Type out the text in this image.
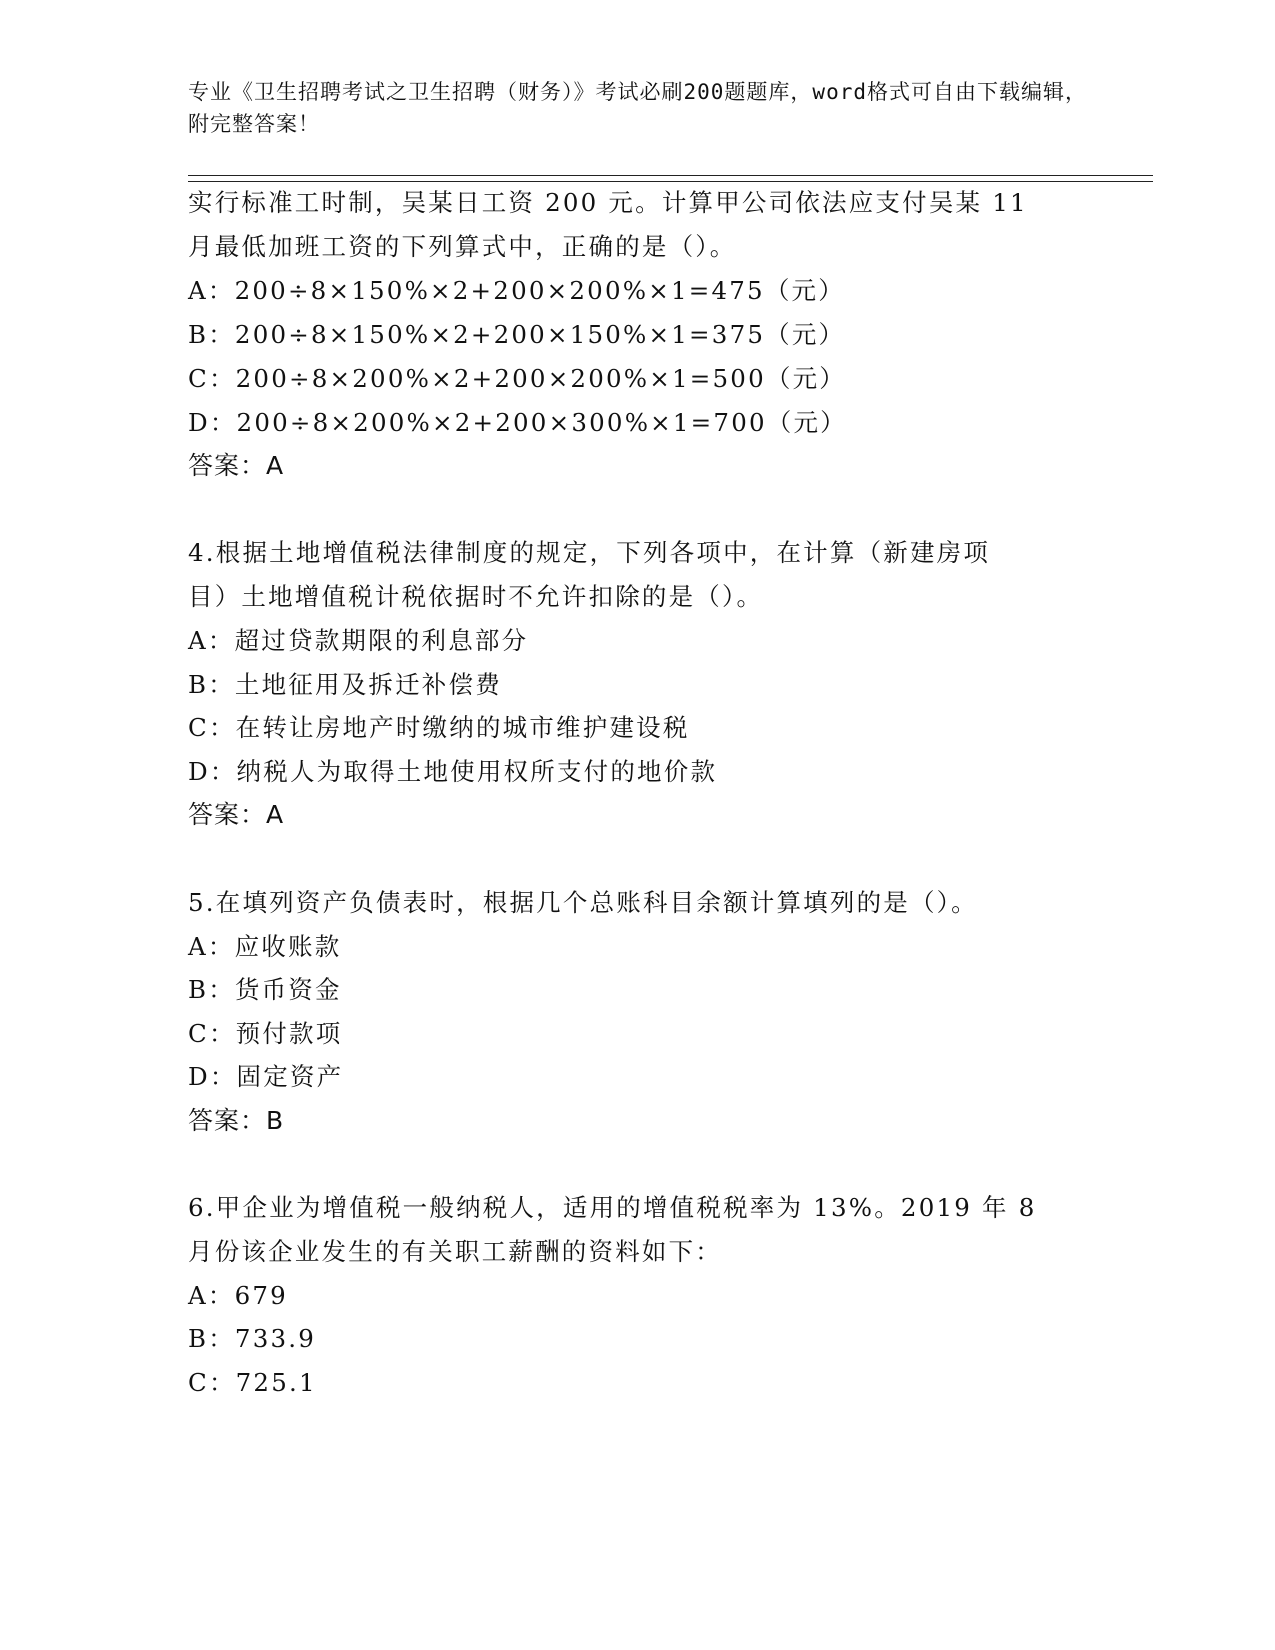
专业《卫生招聘考试之卫生招聘（财务）》考试必刷200题题库，word格式可自由下载编辑，附完整答案！
实行标准工时制，吴某日工资 200 元。计算甲公司依法应支付吴某 11
月最低加班工资的下列算式中，正确的是（）。
A：200÷8×150%×2+200×200%×1=475（元）
B：200÷8×150%×2+200×150%×1=375（元）
C：200÷8×200%×2+200×200%×1=500（元）
D：200÷8×200%×2+200×300%×1=700（元）
答案：A
4.根据土地增值税法律制度的规定，下列各项中，在计算（新建房项
目）土地增值税计税依据时不允许扣除的是（）。
A：超过贷款期限的利息部分
B：土地征用及拆迁补偿费
C：在转让房地产时缴纳的城市维护建设税
D：纳税人为取得土地使用权所支付的地价款
答案：A
5.在填列资产负债表时，根据几个总账科目余额计算填列的是（）。
A：应收账款
B：货币资金
C：预付款项
D：固定资产
答案：B
6.甲企业为增值税一般纳税人，适用的增值税税率为 13%。2019 年 8
月份该企业发生的有关职工薪酬的资料如下：
A：679
B：733.9
C：725.1
